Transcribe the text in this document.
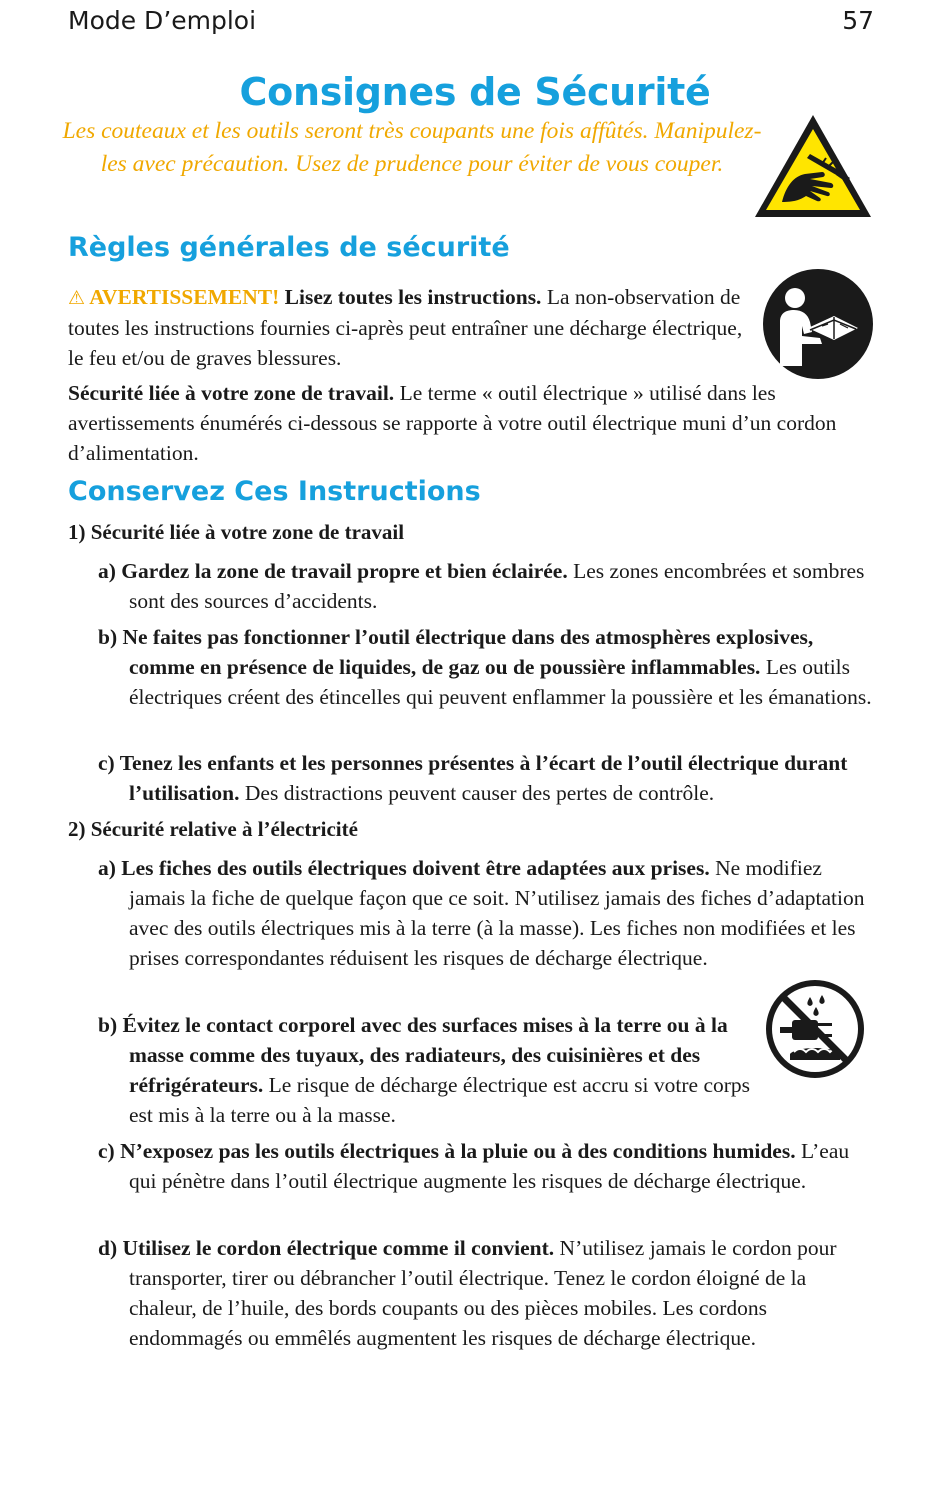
Mode D’emploi	57
Consignes de Sécurité
Les couteaux et les outils seront très coupants une fois affûtés. Manipulez-les avec précaution. Usez de prudence pour éviter de vous couper.
Règles générales de sécurité

⚠ AVERTISSEMENT! Lisez toutes les instructions. La non-observation de toutes les instructions fournies ci-après peut entraîner une décharge électrique, le feu et/ou de graves blessures.

Sécurité liée à votre zone de travail. Le terme « outil électrique » utilisé dans les avertissements énumérés ci-dessous se rapporte à votre outil électrique muni d’un cordon d’alimentation.

Conservez Ces Instructions
1) Sécurité liée à votre zone de travail

a) Gardez la zone de travail propre et bien éclairée. Les zones encombrées et sombres sont des sources d’accidents.

b) Ne faites pas fonctionner l’outil électrique dans des atmosphères explosives, comme en présence de liquides, de gaz ou de poussière inflammables. Les outils électriques créent des étincelles qui peuvent enflammer la poussière et les émanations.

c) Tenez les enfants et les personnes présentes à l’écart de l’outil électrique durant l’utilisation. Des distractions peuvent causer des pertes de contrôle.

2) Sécurité relative à l’électricité

a) Les fiches des outils électriques doivent être adaptées aux prises. Ne modifiez jamais la fiche de quelque façon que ce soit. N’utilisez jamais des fiches d’adaptation avec des outils électriques mis à la terre (à la masse). Les fiches non modifiées et les prises correspondantes réduisent les risques de décharge électrique.

b) Évitez le contact corporel avec des surfaces mises à la terre ou à la masse comme des tuyaux, des radiateurs, des cuisinières et des réfrigérateurs. Le risque de décharge électrique est accru si votre corps est mis à la terre ou à la masse.

c) N’exposez pas les outils électriques à la pluie ou à des conditions humides. L’eau qui pénètre dans l’outil électrique augmente les risques de décharge électrique.

d) Utilisez le cordon électrique comme il convient. N’utilisez jamais le cordon pour transporter, tirer ou débrancher l’outil électrique. Tenez le cordon éloigné de la chaleur, de l’huile, des bords coupants ou des pièces mobiles. Les cordons endommagés ou emmêlés augmentent les risques de décharge électrique.
